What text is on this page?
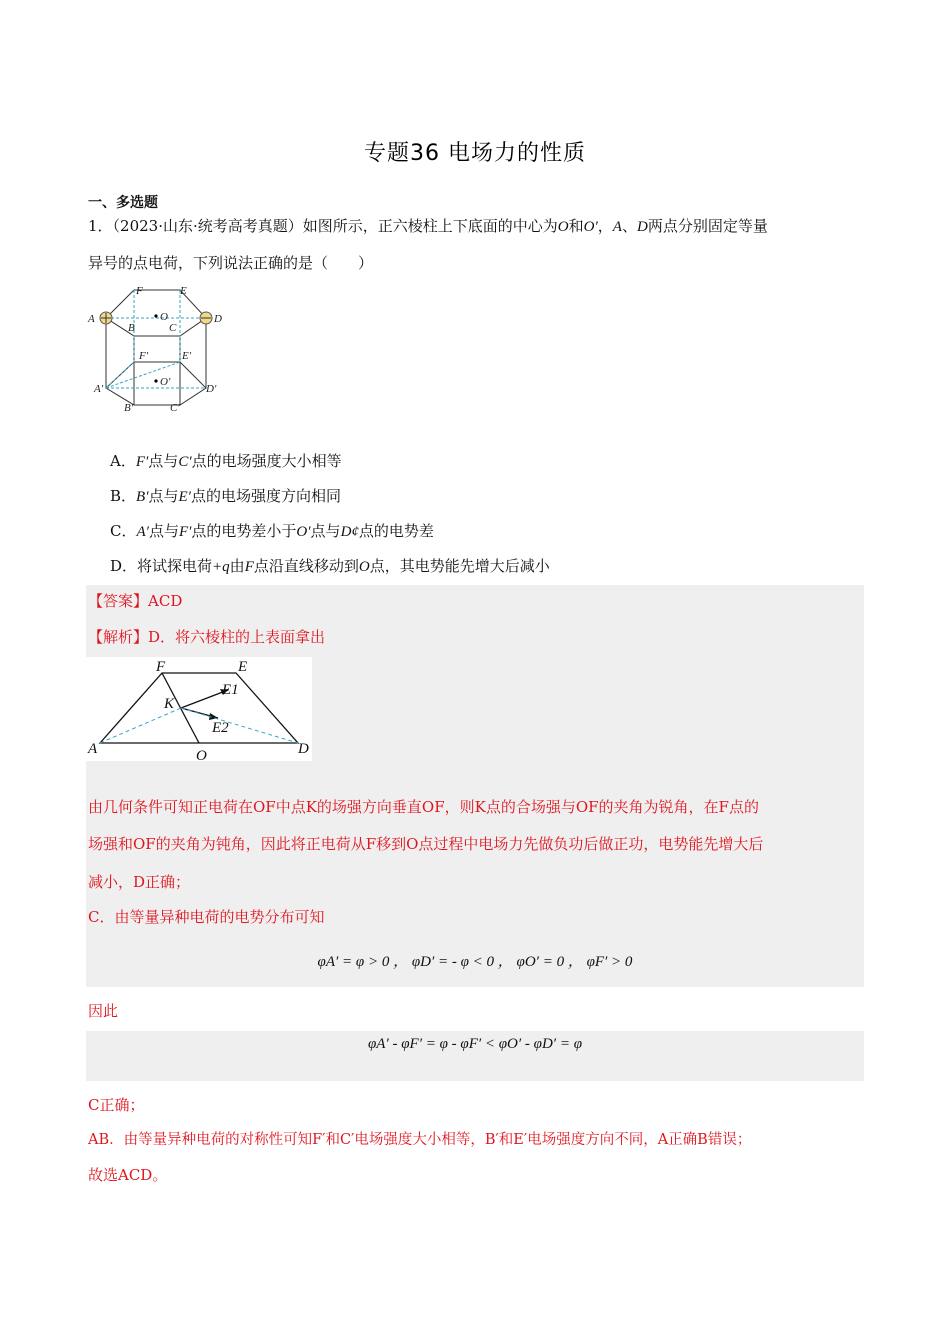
专题36 电场力的性质
一、多选题
1．（2023·山东·统考高考真题）如图所示，正六棱柱上下底面的中心为O和O′，A、D两点分别固定等量
异号的点电荷，下列说法正确的是（　　）
A
F	E
D
B
O
C
F′	E′
A′
O′
D′
B′	C′
A．F′点与C′点的电场强度大小相等
B．B′点与E′点的电场强度方向相同
C．A′点与F′点的电势差小于O′点与D¢点的电势差
D．将试探电荷+q由F点沿直线移动到O点，其电势能先增大后减小
【答案】ACD
【解析】D．将六棱柱的上表面拿出
F	E
K
E1
E2
A	O	D
由几何条件可知正电荷在OF中点K的场强方向垂直OF，则K点的合场强与OF的夹角为锐角，在F点的
场强和OF的夹角为钝角，因此将正电荷从F移到O点过程中电场力先做负功后做正功，电势能先增大后
减小，D正确；
C．由等量异种电荷的电势分布可知
φA′ = φ > 0 ， φD′ = - φ < 0 ， φO′ = 0 ， φF′ > 0
因此
φA′ - φF′ = φ - φF′ < φO′ - φD′ = φ
C正确；
AB．由等量异种电荷的对称性可知F′和C′电场强度大小相等，B′和E′电场强度方向不同，A正确B错误；
故选ACD。
